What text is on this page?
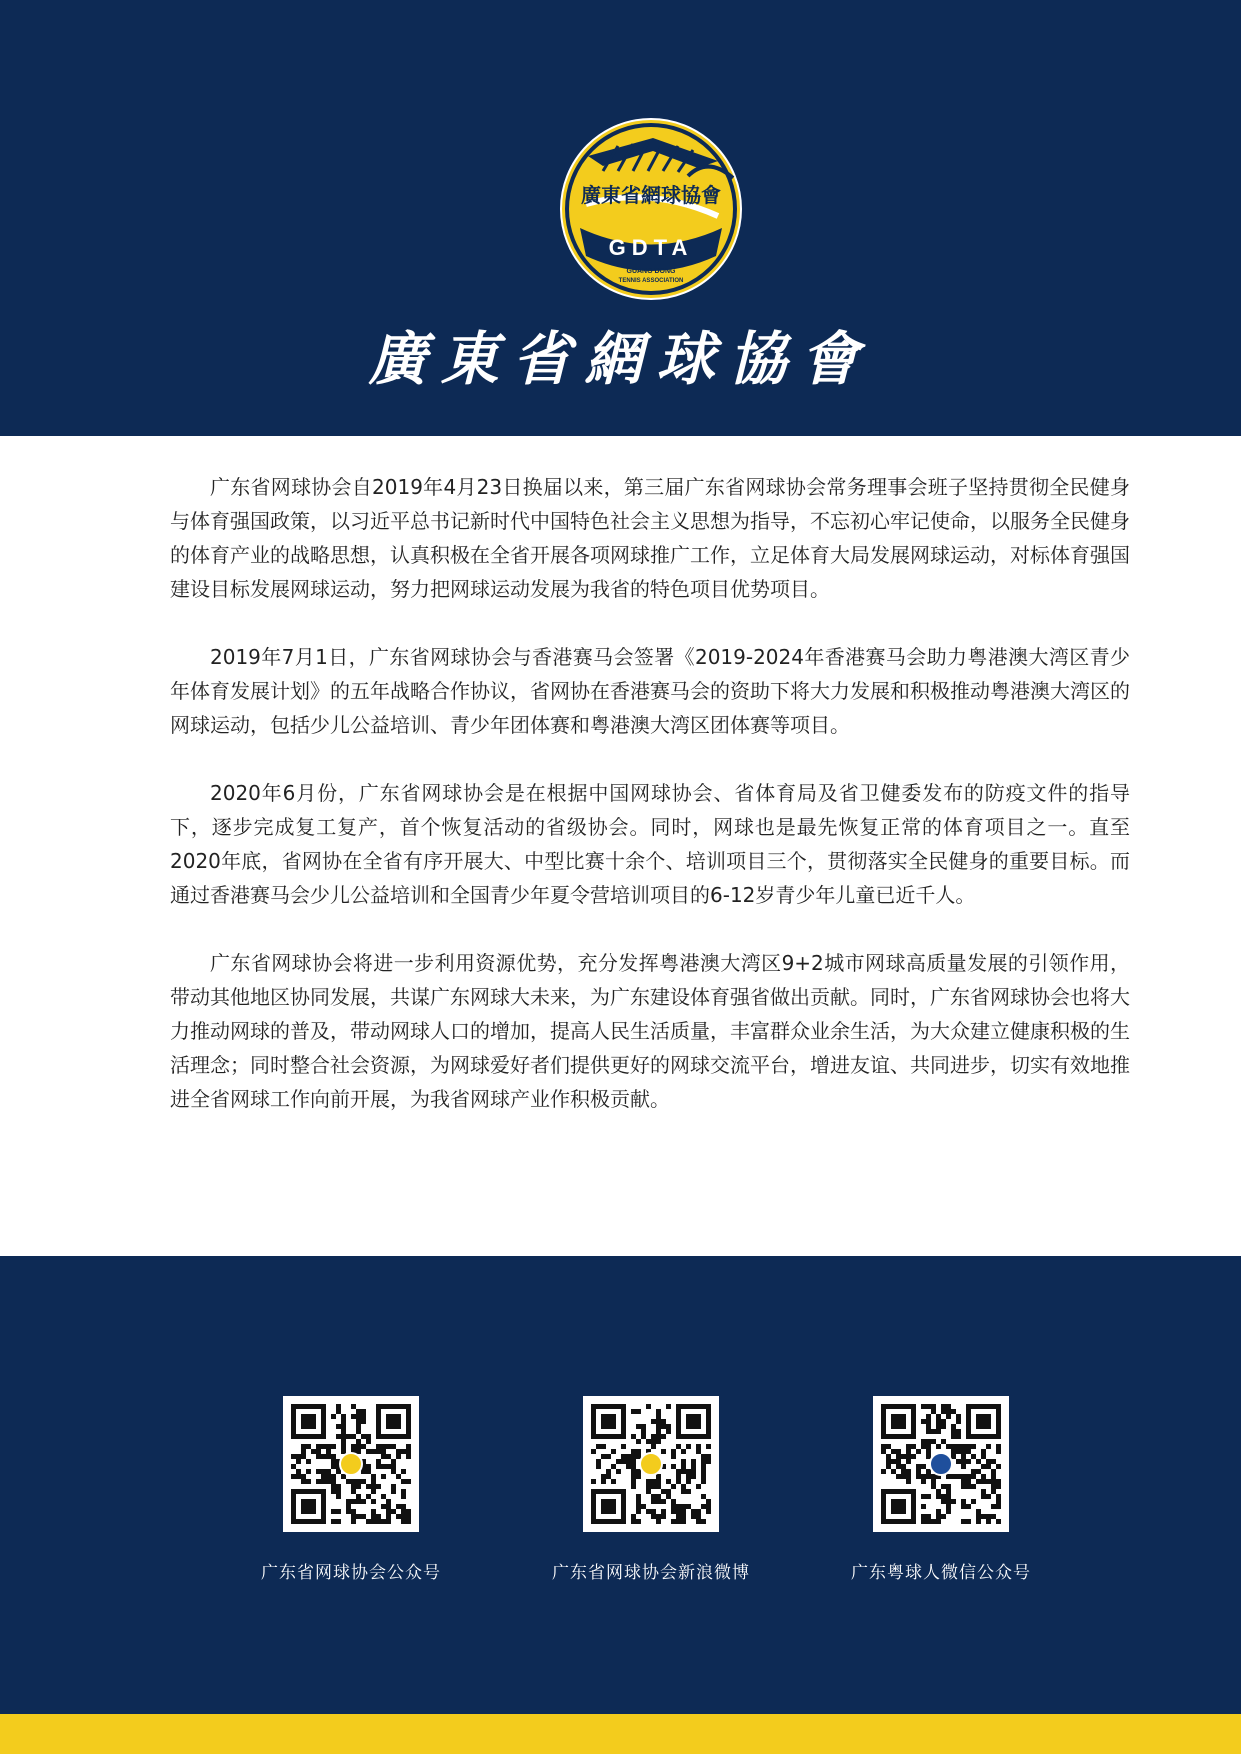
廣東省網球協會
GDTA
GUANG DONG
TENNIS ASSOCIATION
廣東省網球協會

广东省网球协会自2019年4月23日换届以来，第三届广东省网球协会常务理事会班子坚持贯彻全民健身与体育强国政策，以习近平总书记新时代中国特色社会主义思想为指导，不忘初心牢记使命，以服务全民健身的体育产业的战略思想，认真积极在全省开展各项网球推广工作，立足体育大局发展网球运动，对标体育强国建设目标发展网球运动，努力把网球运动发展为我省的特色项目优势项目。

2019年7月1日，广东省网球协会与香港赛马会签署《2019-2024年香港赛马会助力粤港澳大湾区青少年体育发展计划》的五年战略合作协议，省网协在香港赛马会的资助下将大力发展和积极推动粤港澳大湾区的网球运动，包括少儿公益培训、青少年团体赛和粤港澳大湾区团体赛等项目。

2020年6月份，广东省网球协会是在根据中国网球协会、省体育局及省卫健委发布的防疫文件的指导下，逐步完成复工复产，首个恢复活动的省级协会。同时，网球也是最先恢复正常的体育项目之一。直至2020年底，省网协在全省有序开展大、中型比赛十余个、培训项目三个，贯彻落实全民健身的重要目标。而通过香港赛马会少儿公益培训和全国青少年夏令营培训项目的6-12岁青少年儿童已近千人。

广东省网球协会将进一步利用资源优势，充分发挥粤港澳大湾区9+2城市网球高质量发展的引领作用，带动其他地区协同发展，共谋广东网球大未来，为广东建设体育强省做出贡献。同时，广东省网球协会也将大力推动网球的普及，带动网球人口的增加，提高人民生活质量，丰富群众业余生活，为大众建立健康积极的生活理念；同时整合社会资源，为网球爱好者们提供更好的网球交流平台，增进友谊、共同进步，切实有效地推进全省网球工作向前开展，为我省网球产业作积极贡献。

广东省网球协会公众号	广东省网球协会新浪微博	广东粤球人微信公众号
